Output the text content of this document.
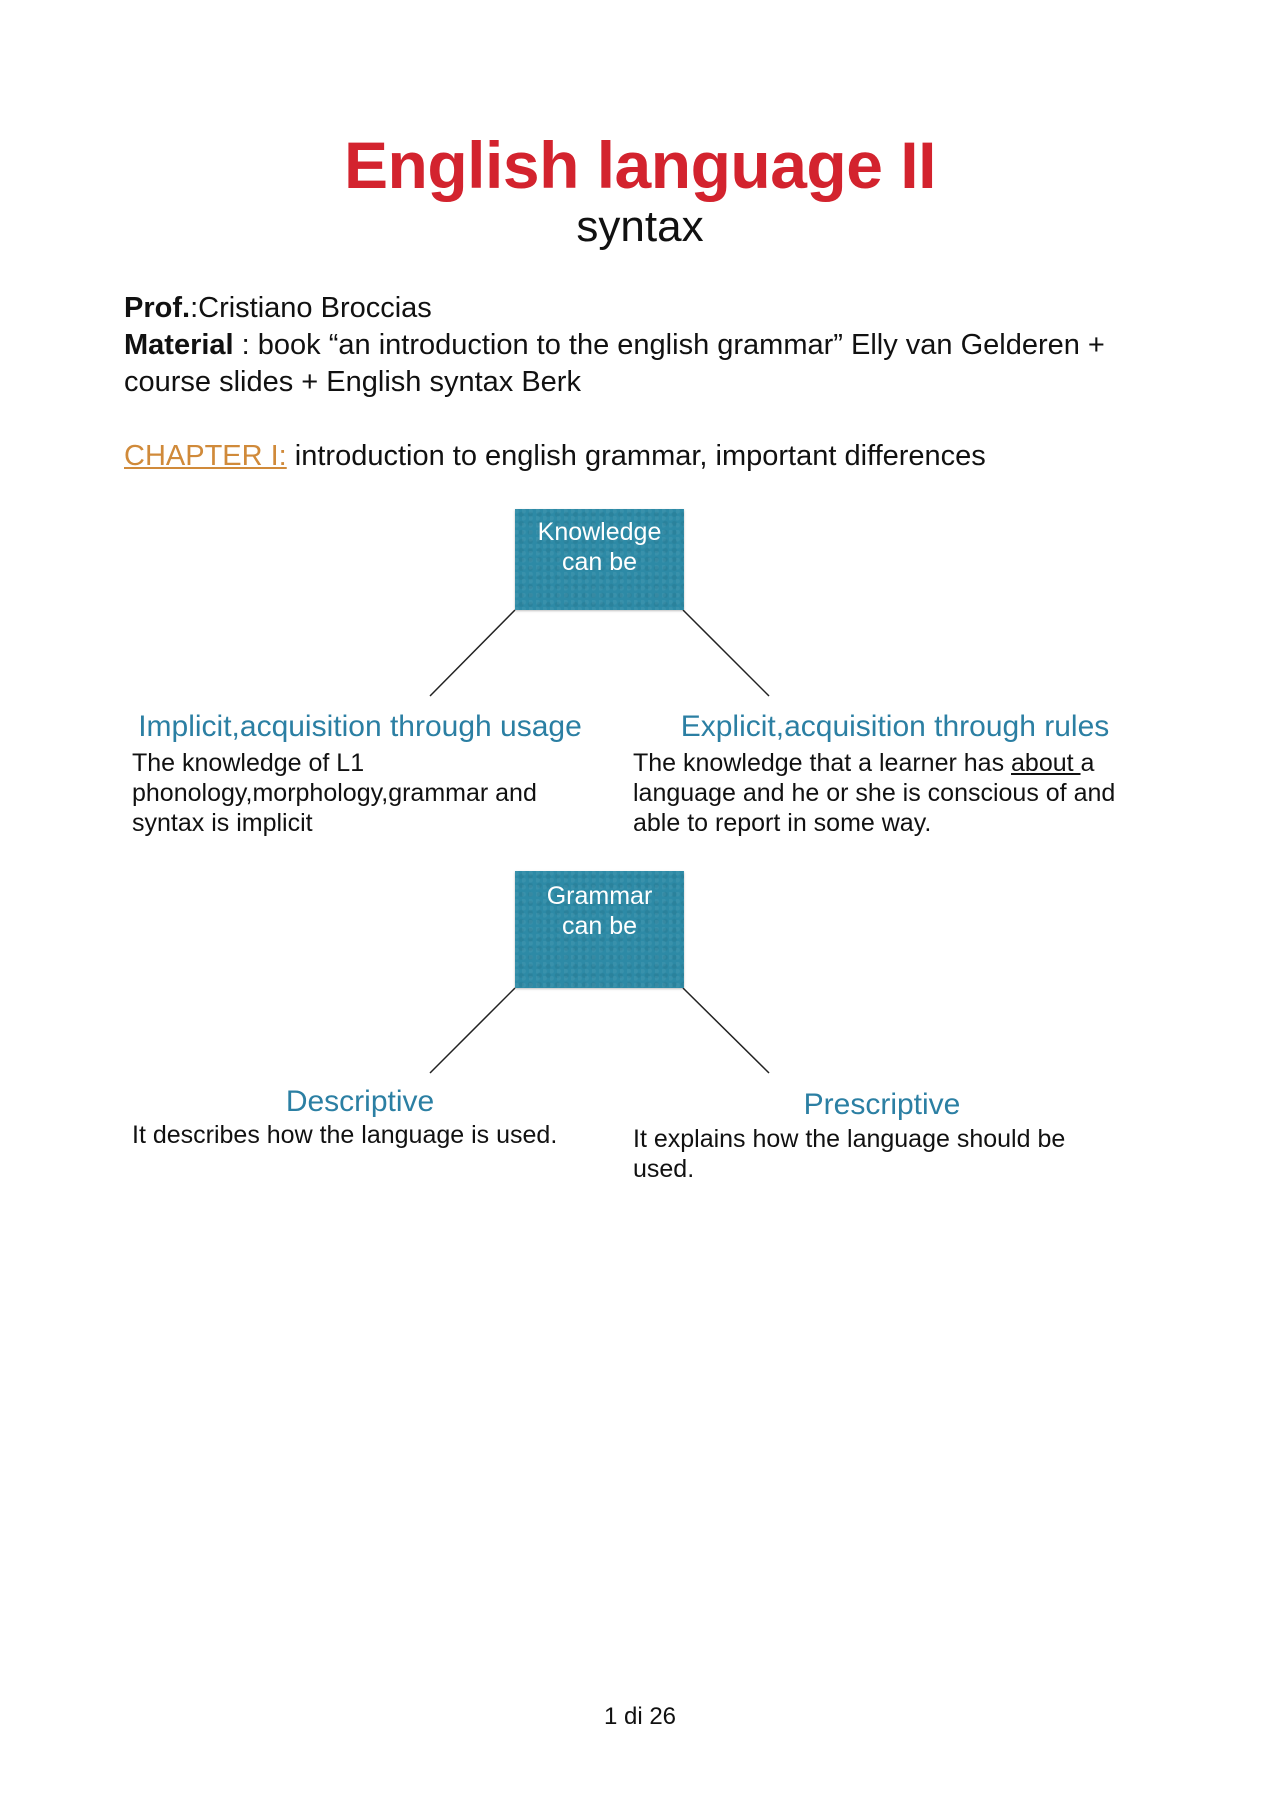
English language II
syntax
Prof.:Cristiano Broccias
Material : book “an introduction to the english grammar” Elly van Gelderen + course slides + English syntax Berk
CHAPTER I: introduction to english grammar, important differences
Knowledge
can be
Implicit,acquisition through usage
The knowledge of L1 phonology,morphology,grammar and syntax is implicit
Explicit,acquisition through rules
The knowledge that a learner has about a language and he or she is conscious of and able to report in some way.
Grammar
can be
Descriptive
It describes how the language is used.
Prescriptive
It explains how the language should be used.
1 di 26
